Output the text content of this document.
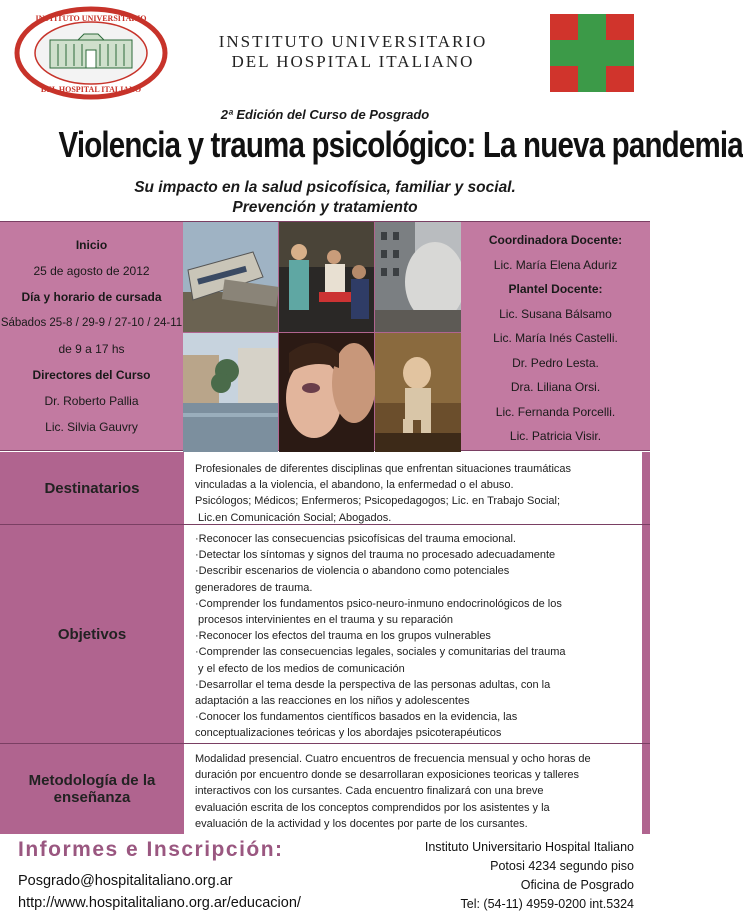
INSTITUTO UNIVERSITARIO
DEL HOSPITAL ITALIANO
INSTITUTO UNIVERSITARIO
DEL HOSPITAL ITALIANO
2ª Edición del Curso de Posgrado
Violencia y trauma psicológico: La nueva pandemia
Su impacto en la salud psicofísica, familiar y social.
Prevención y tratamiento
Inicio
25 de agosto de 2012
Día y horario de cursada
Sábados 25-8 / 29-9 / 27-10 / 24-11
de 9 a 17 hs
Directores del Curso
Dr. Roberto Pallia
Lic. Silvia Gauvry
Coordinadora Docente:
Lic. María Elena Aduriz
Plantel Docente:
Lic. Susana Bálsamo
Lic. María Inés Castelli.
Dr. Pedro Lesta.
Dra. Liliana Orsi.
Lic. Fernanda Porcelli.
Lic. Patricia Visir.
Destinatarios
Profesionales de diferentes disciplinas que enfrentan situaciones traumáticas
vinculadas a la violencia, el abandono, la enfermedad o el abuso.
Psicólogos; Médicos; Enfermeros; Psicopedagogos; Lic. en Trabajo Social;
Lic.en Comunicación Social; Abogados.
Objetivos
·Reconocer las consecuencias psicofísicas del trauma emocional.
·Detectar los síntomas y signos del trauma no procesado adecuadamente
·Describir escenarios de violencia o abandono como potenciales
generadores de trauma.
·Comprender los fundamentos psico-neuro-inmuno endocrinológicos de los
procesos intervinientes en el trauma y su reparación
·Reconocer los efectos del trauma en los grupos vulnerables
·Comprender las consecuencias legales, sociales y comunitarias del trauma
y el efecto de los medios de comunicación
·Desarrollar el tema desde la perspectiva de las personas adultas, con la
adaptación a las reacciones en los niños y adolescentes
·Conocer los fundamentos científicos basados en la evidencia, las
conceptualizaciones teóricas y los abordajes psicoterapéuticos
Metodología de la
enseñanza
Modalidad presencial. Cuatro encuentros de frecuencia mensual y ocho horas de
duración por encuentro donde se desarrollaran exposiciones teoricas y talleres
interactivos con los cursantes. Cada encuentro finalizará con una breve
evaluación escrita de los conceptos comprendidos por los asistentes y la
evaluación de la actividad y los docentes por parte de los cursantes.
Informes e Inscripción:
Posgrado@hospitalitaliano.org.ar
http://www.hospitalitaliano.org.ar/educacion/
Instituto Universitario Hospital Italiano
Potosi 4234 segundo piso
Oficina de Posgrado
Tel: (54-11) 4959-0200 int.5324
